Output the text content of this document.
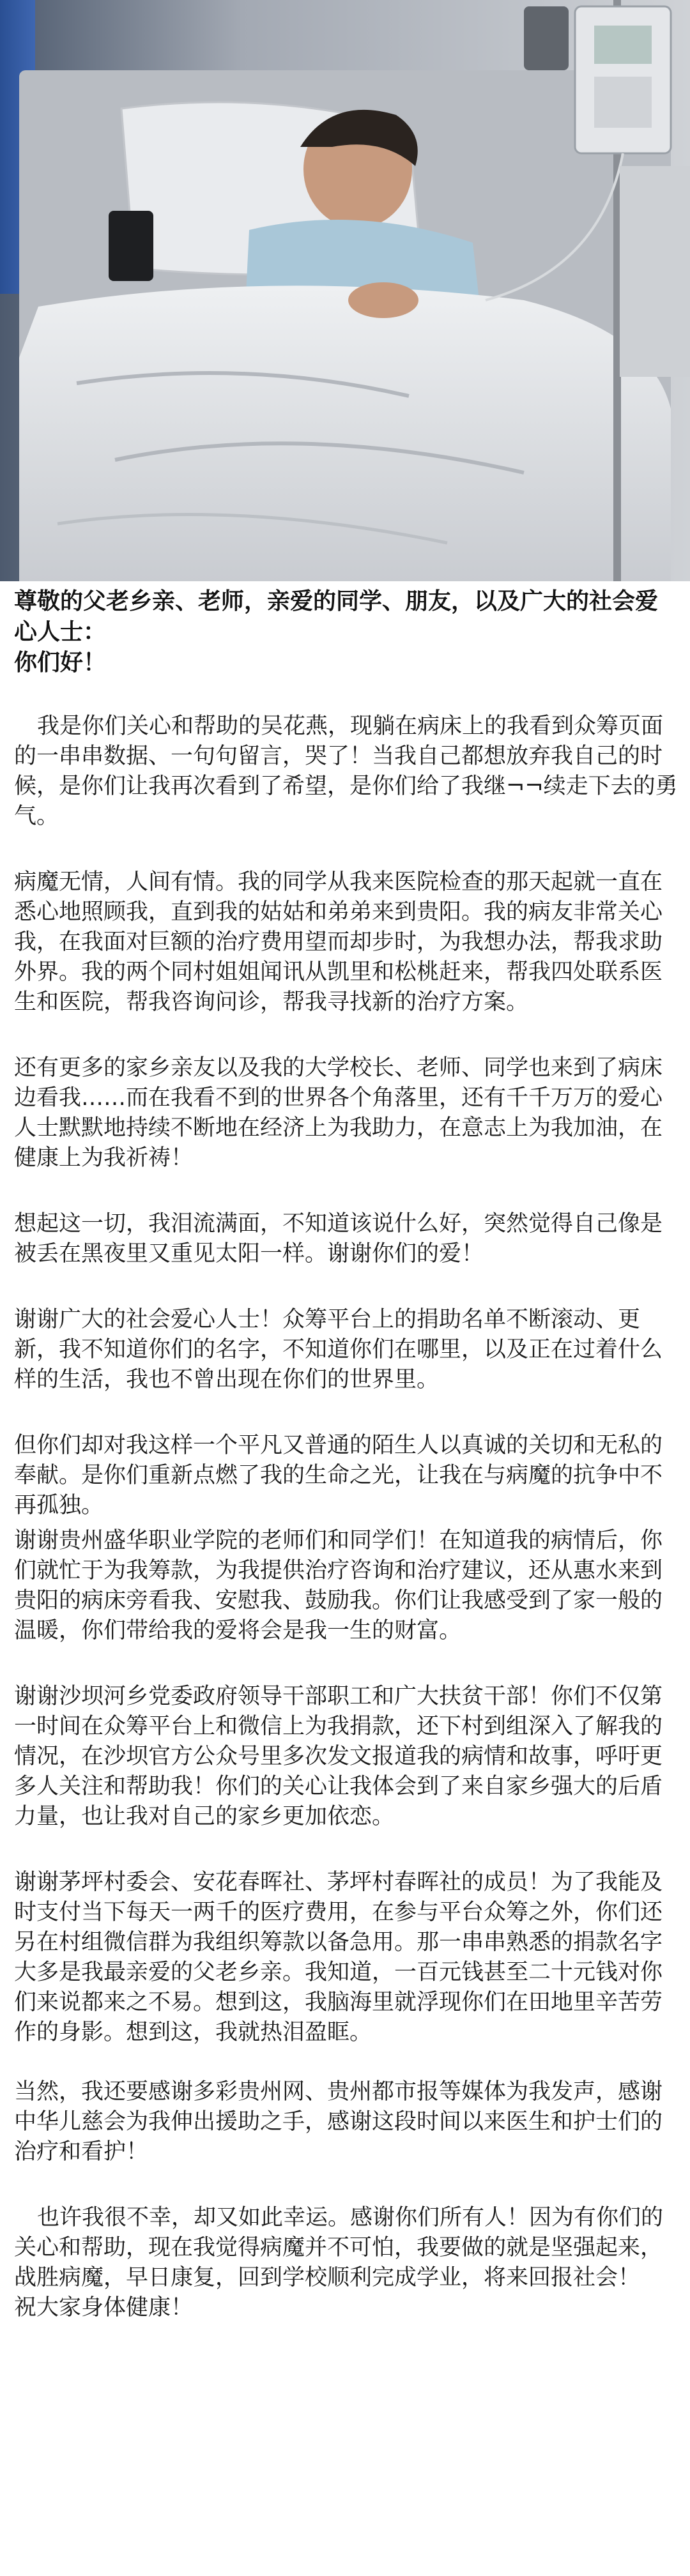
尊敬的父老乡亲、老师，亲爱的同学、朋友，以及广大的社会爱心人士：
你们好！
我是你们关心和帮助的吴花燕，现躺在病床上的我看到众筹页面的一串串数据、一句句留言，哭了！当我自己都想放弃我自己的时候，是你们让我再次看到了希望，是你们给了我继¬¬续走下去的勇气。
病魔无情，人间有情。我的同学从我来医院检查的那天起就一直在悉心地照顾我，直到我的姑姑和弟弟来到贵阳。我的病友非常关心我，在我面对巨额的治疗费用望而却步时，为我想办法，帮我求助外界。我的两个同村姐姐闻讯从凯里和松桃赶来，帮我四处联系医生和医院，帮我咨询问诊，帮我寻找新的治疗方案。
还有更多的家乡亲友以及我的大学校长、老师、同学也来到了病床边看我……而在我看不到的世界各个角落里，还有千千万万的爱心人士默默地持续不断地在经济上为我助力，在意志上为我加油，在健康上为我祈祷！
想起这一切，我泪流满面，不知道该说什么好，突然觉得自己像是被丢在黑夜里又重见太阳一样。谢谢你们的爱！
谢谢广大的社会爱心人士！众筹平台上的捐助名单不断滚动、更新，我不知道你们的名字，不知道你们在哪里，以及正在过着什么样的生活，我也不曾出现在你们的世界里。
但你们却对我这样一个平凡又普通的陌生人以真诚的关切和无私的奉献。是你们重新点燃了我的生命之光，让我在与病魔的抗争中不再孤独。
谢谢贵州盛华职业学院的老师们和同学们！在知道我的病情后，你们就忙于为我筹款，为我提供治疗咨询和治疗建议，还从惠水来到贵阳的病床旁看我、安慰我、鼓励我。你们让我感受到了家一般的温暖，你们带给我的爱将会是我一生的财富。
谢谢沙坝河乡党委政府领导干部职工和广大扶贫干部！你们不仅第一时间在众筹平台上和微信上为我捐款，还下村到组深入了解我的情况，在沙坝官方公众号里多次发文报道我的病情和故事，呼吁更多人关注和帮助我！你们的关心让我体会到了来自家乡强大的后盾力量，也让我对自己的家乡更加依恋。
谢谢茅坪村委会、安花春晖社、茅坪村春晖社的成员！为了我能及时支付当下每天一两千的医疗费用，在参与平台众筹之外，你们还另在村组微信群为我组织筹款以备急用。那一串串熟悉的捐款名字大多是我最亲爱的父老乡亲。我知道，一百元钱甚至二十元钱对你们来说都来之不易。想到这，我脑海里就浮现你们在田地里辛苦劳作的身影。想到这，我就热泪盈眶。
当然，我还要感谢多彩贵州网、贵州都市报等媒体为我发声，感谢中华儿慈会为我伸出援助之手，感谢这段时间以来医生和护士们的治疗和看护！
也许我很不幸，却又如此幸运。感谢你们所有人！因为有你们的关心和帮助，现在我觉得病魔并不可怕，我要做的就是坚强起来，战胜病魔，早日康复，回到学校顺利完成学业，将来回报社会！
祝大家身体健康！
